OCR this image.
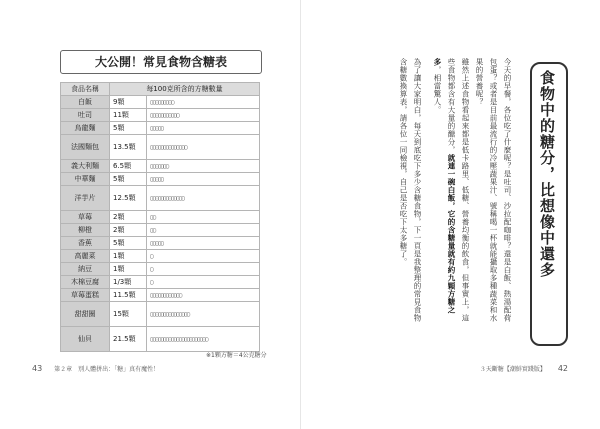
大公開！常見食物含糖表
食品名稱	每100克所含的方糖數量	
白飯	9顆	▢▢▢▢▢▢▢▢▢
吐司	11顆	▢▢▢▢▢▢▢▢▢▢▢
烏龍麵	5顆	▢▢▢▢▢
法國麵包	13.5顆	▢▢▢▢▢▢▢▢▢▢▢▢▢▢
義大利麵	6.5顆	▢▢▢▢▢▢▢
中華麵	5顆	▢▢▢▢▢
洋芋片	12.5顆	▢▢▢▢▢▢▢▢▢▢▢▢▢
草莓	2顆	▢▢
柳橙	2顆	▢▢
香蕉	5顆	▢▢▢▢▢
高麗菜	1顆	▢
納豆	1顆	▢
木棉豆腐	1/3顆	▢
草莓蛋糕	11.5顆	▢▢▢▢▢▢▢▢▢▢▢▢
甜甜圈	15顆	▢▢▢▢▢▢▢▢▢▢▢▢▢▢▢
仙貝	21.5顆	▢▢▢▢▢▢▢▢▢▢▢▢▢▢▢▢▢▢▢▢▢▢
※1顆方糖＝4公克糖分
43 第２章　別人體拼出：「糖」真有魔性！
食物中的糖分，比想像中還多

今天的早餐，各位吃了什麼呢？是吐司、沙拉配咖啡？還是白飯、熱湯配荷包蛋？或者是目前最流行的冷壓蔬果汁、號稱喝一杯就能攝取多種蔬菜和水果的營養呢？

雖然上述食物看起來都是低卡路里、低糖、營養均衡的飲食，但事實上，這些食物都含有大量的醣分，就連一碗白飯，它的含糖量就有約九顆方糖之多，相當驚人。

為了讓大家明白，每天到底吃下多少含糖食物，下一頁是我整理的常見食物含糖數換算表，請各位一同檢視，自己是否吃下太多糖了。

３天斷糖【潮鮮實踐版】 42
